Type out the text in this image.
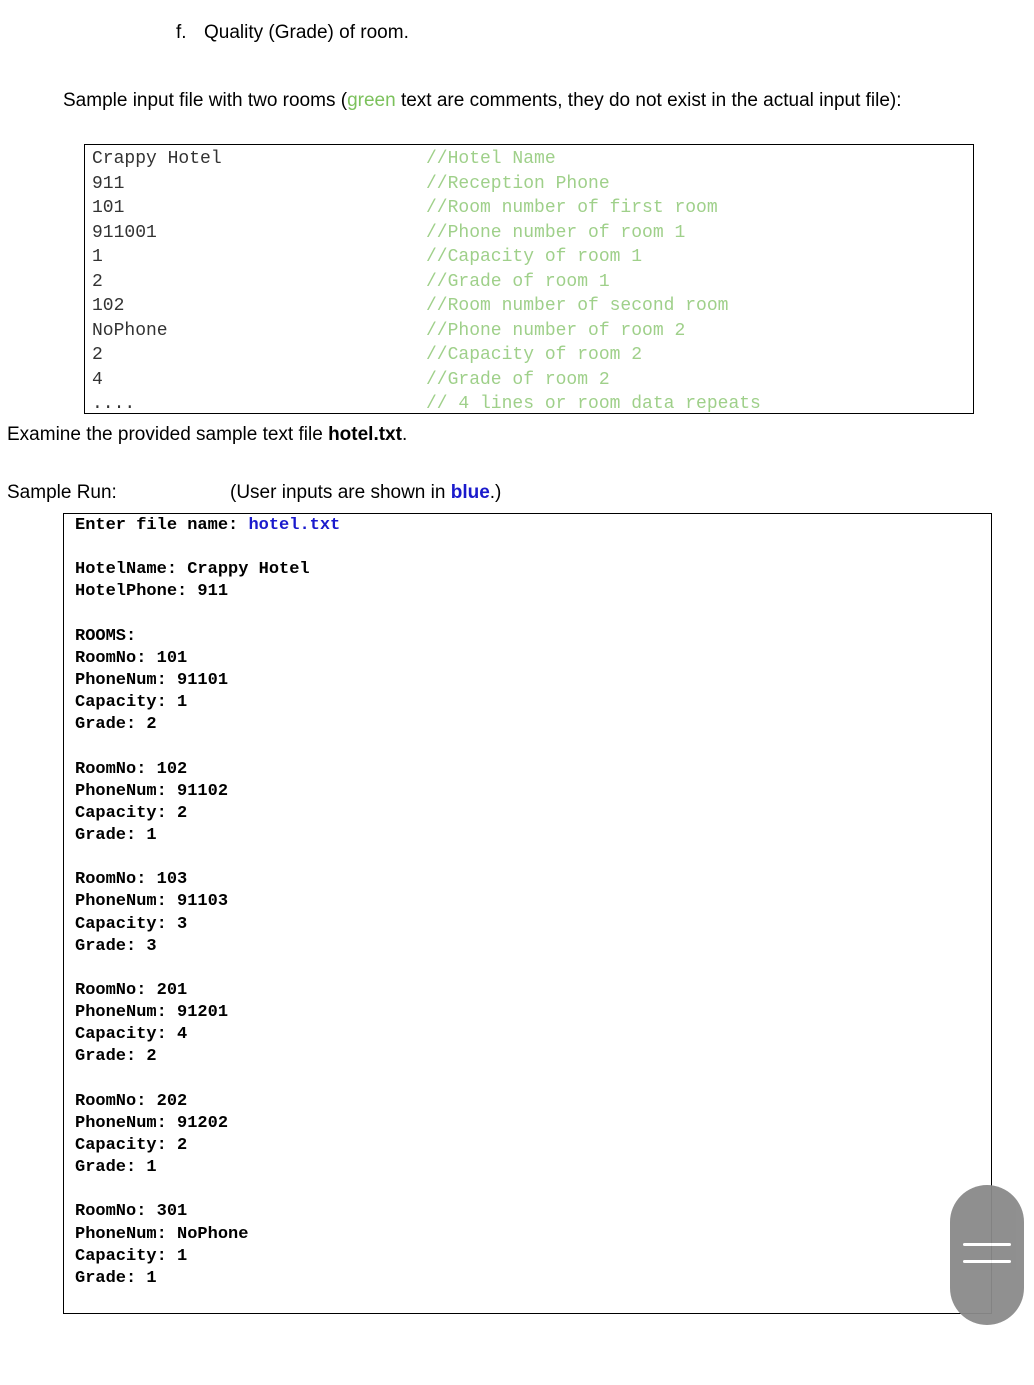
f. Quality (Grade) of room.
Sample input file with two rooms (green text are comments, they do not exist in the actual input file):
Crappy Hotel	//Hotel Name
911	//Reception Phone
101	//Room number of first room
911001	//Phone number of room 1
1	//Capacity of room 1
2	//Grade of room 1
102	//Room number of second room
NoPhone	//Phone number of room 2
2	//Capacity of room 2
4	//Grade of room 2
....	// 4 lines or room data repeats
Examine the provided sample text file hotel.txt.
Sample Run:	(User inputs are shown in blue.)
Enter file name: hotel.txt
HotelName: Crappy Hotel
HotelPhone: 911
ROOMS:
RoomNo: 101
PhoneNum: 91101
Capacity: 1
Grade: 2
RoomNo: 102
PhoneNum: 91102
Capacity: 2
Grade: 1
RoomNo: 103
PhoneNum: 91103
Capacity: 3
Grade: 3
RoomNo: 201
PhoneNum: 91201
Capacity: 4
Grade: 2
RoomNo: 202
PhoneNum: 91202
Capacity: 2
Grade: 1
RoomNo: 301
PhoneNum: NoPhone
Capacity: 1
Grade: 1
